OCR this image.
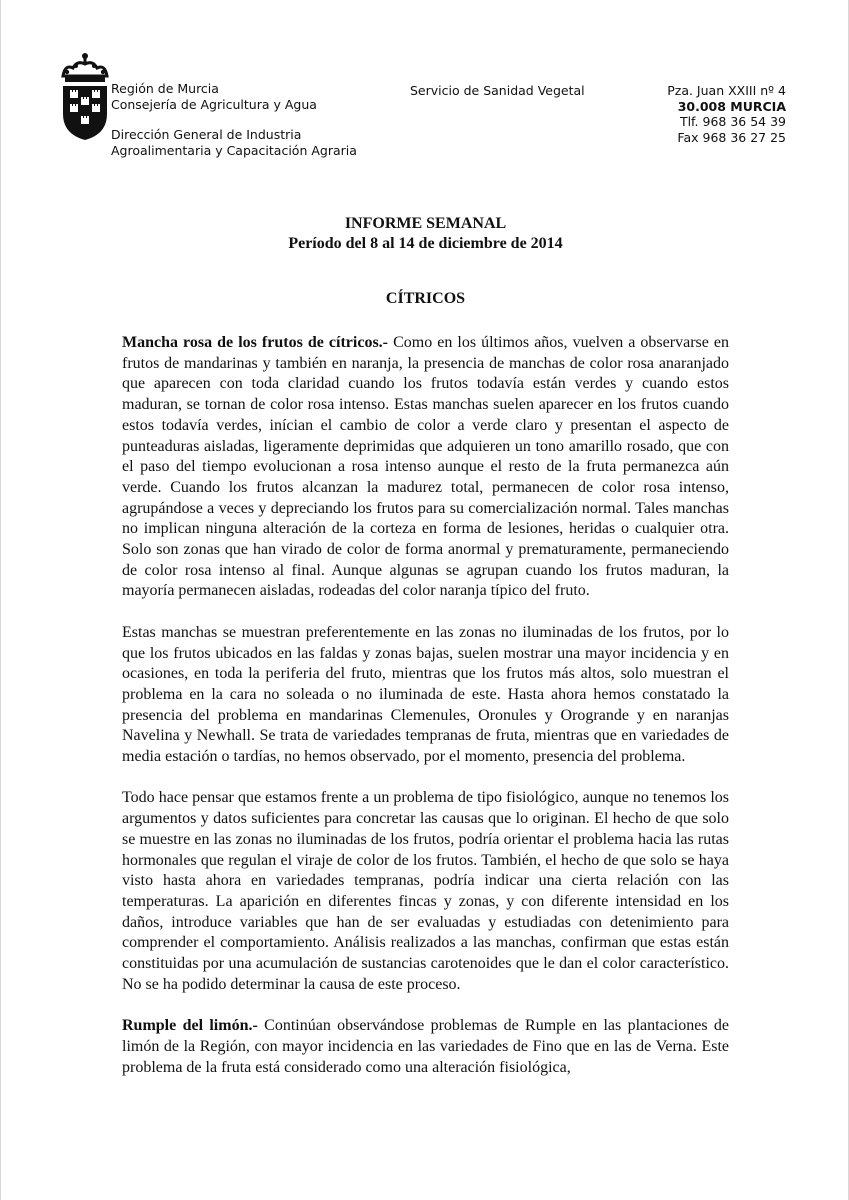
Región de Murcia
Consejería de Agricultura y Agua
Dirección General de Industria
Agroalimentaria y Capacitación Agraria
Servicio de Sanidad Vegetal	Pza. Juan XXIII nº 4
30.008 MURCIA
Tlf. 968 36 54 39
Fax 968 36 27 25
INFORME SEMANAL
Período del 8 al 14 de diciembre de 2014
CÍTRICOS

Mancha rosa de los frutos de cítricos.- Como en los últimos años, vuelven a observarse en frutos de mandarinas y también en naranja, la presencia de manchas de color rosa anaranjado que aparecen con toda claridad cuando los frutos todavía están verdes y cuando estos maduran, se tornan de color rosa intenso. Estas manchas suelen aparecer en los frutos cuando estos todavía verdes, inícian el cambio de color a verde claro y presentan el aspecto de punteaduras aisladas, ligeramente deprimidas que adquieren un tono amarillo rosado, que con el paso del tiempo evolucionan a rosa intenso aunque el resto de la fruta permanezca aún verde. Cuando los frutos alcanzan la madurez total, permanecen de color rosa intenso, agrupándose a veces y depreciando los frutos para su comercialización normal. Tales manchas no implican ninguna alteración de la corteza en forma de lesiones, heridas o cualquier otra. Solo son zonas que han virado de color de forma anormal y prematuramente, permaneciendo de color rosa intenso al final. Aunque algunas se agrupan cuando los frutos maduran, la mayoría permanecen aisladas, rodeadas del color naranja típico del fruto.

Estas manchas se muestran preferentemente en las zonas no iluminadas de los frutos, por lo que los frutos ubicados en las faldas y zonas bajas, suelen mostrar una mayor incidencia y en ocasiones, en toda la periferia del fruto, mientras que los frutos más altos, solo muestran el problema en la cara no soleada o no iluminada de este. Hasta ahora hemos constatado la presencia del problema en mandarinas Clemenules, Oronules y Orogrande y en naranjas Navelina y Newhall. Se trata de variedades tempranas de fruta, mientras que en variedades de media estación o tardías, no hemos observado, por el momento, presencia del problema.

Todo hace pensar que estamos frente a un problema de tipo fisiológico, aunque no tenemos los argumentos y datos suficientes para concretar las causas que lo originan. El hecho de que solo se muestre en las zonas no iluminadas de los frutos, podría orientar el problema hacia las rutas hormonales que regulan el viraje de color de los frutos. También, el hecho de que solo se haya visto hasta ahora en variedades tempranas, podría indicar una cierta relación con las temperaturas. La aparición en diferentes fincas y zonas, y con diferente intensidad en los daños, introduce variables que han de ser evaluadas y estudiadas con detenimiento para comprender el comportamiento. Análisis realizados a las manchas, confirman que estas están constituidas por una acumulación de sustancias carotenoides que le dan el color característico. No se ha podido determinar la causa de este proceso.

Rumple del limón.- Continúan observándose problemas de Rumple en las plantaciones de limón de la Región, con mayor incidencia en las variedades de Fino que en las de Verna. Este problema de la fruta está considerado como una alteración fisiológica,
